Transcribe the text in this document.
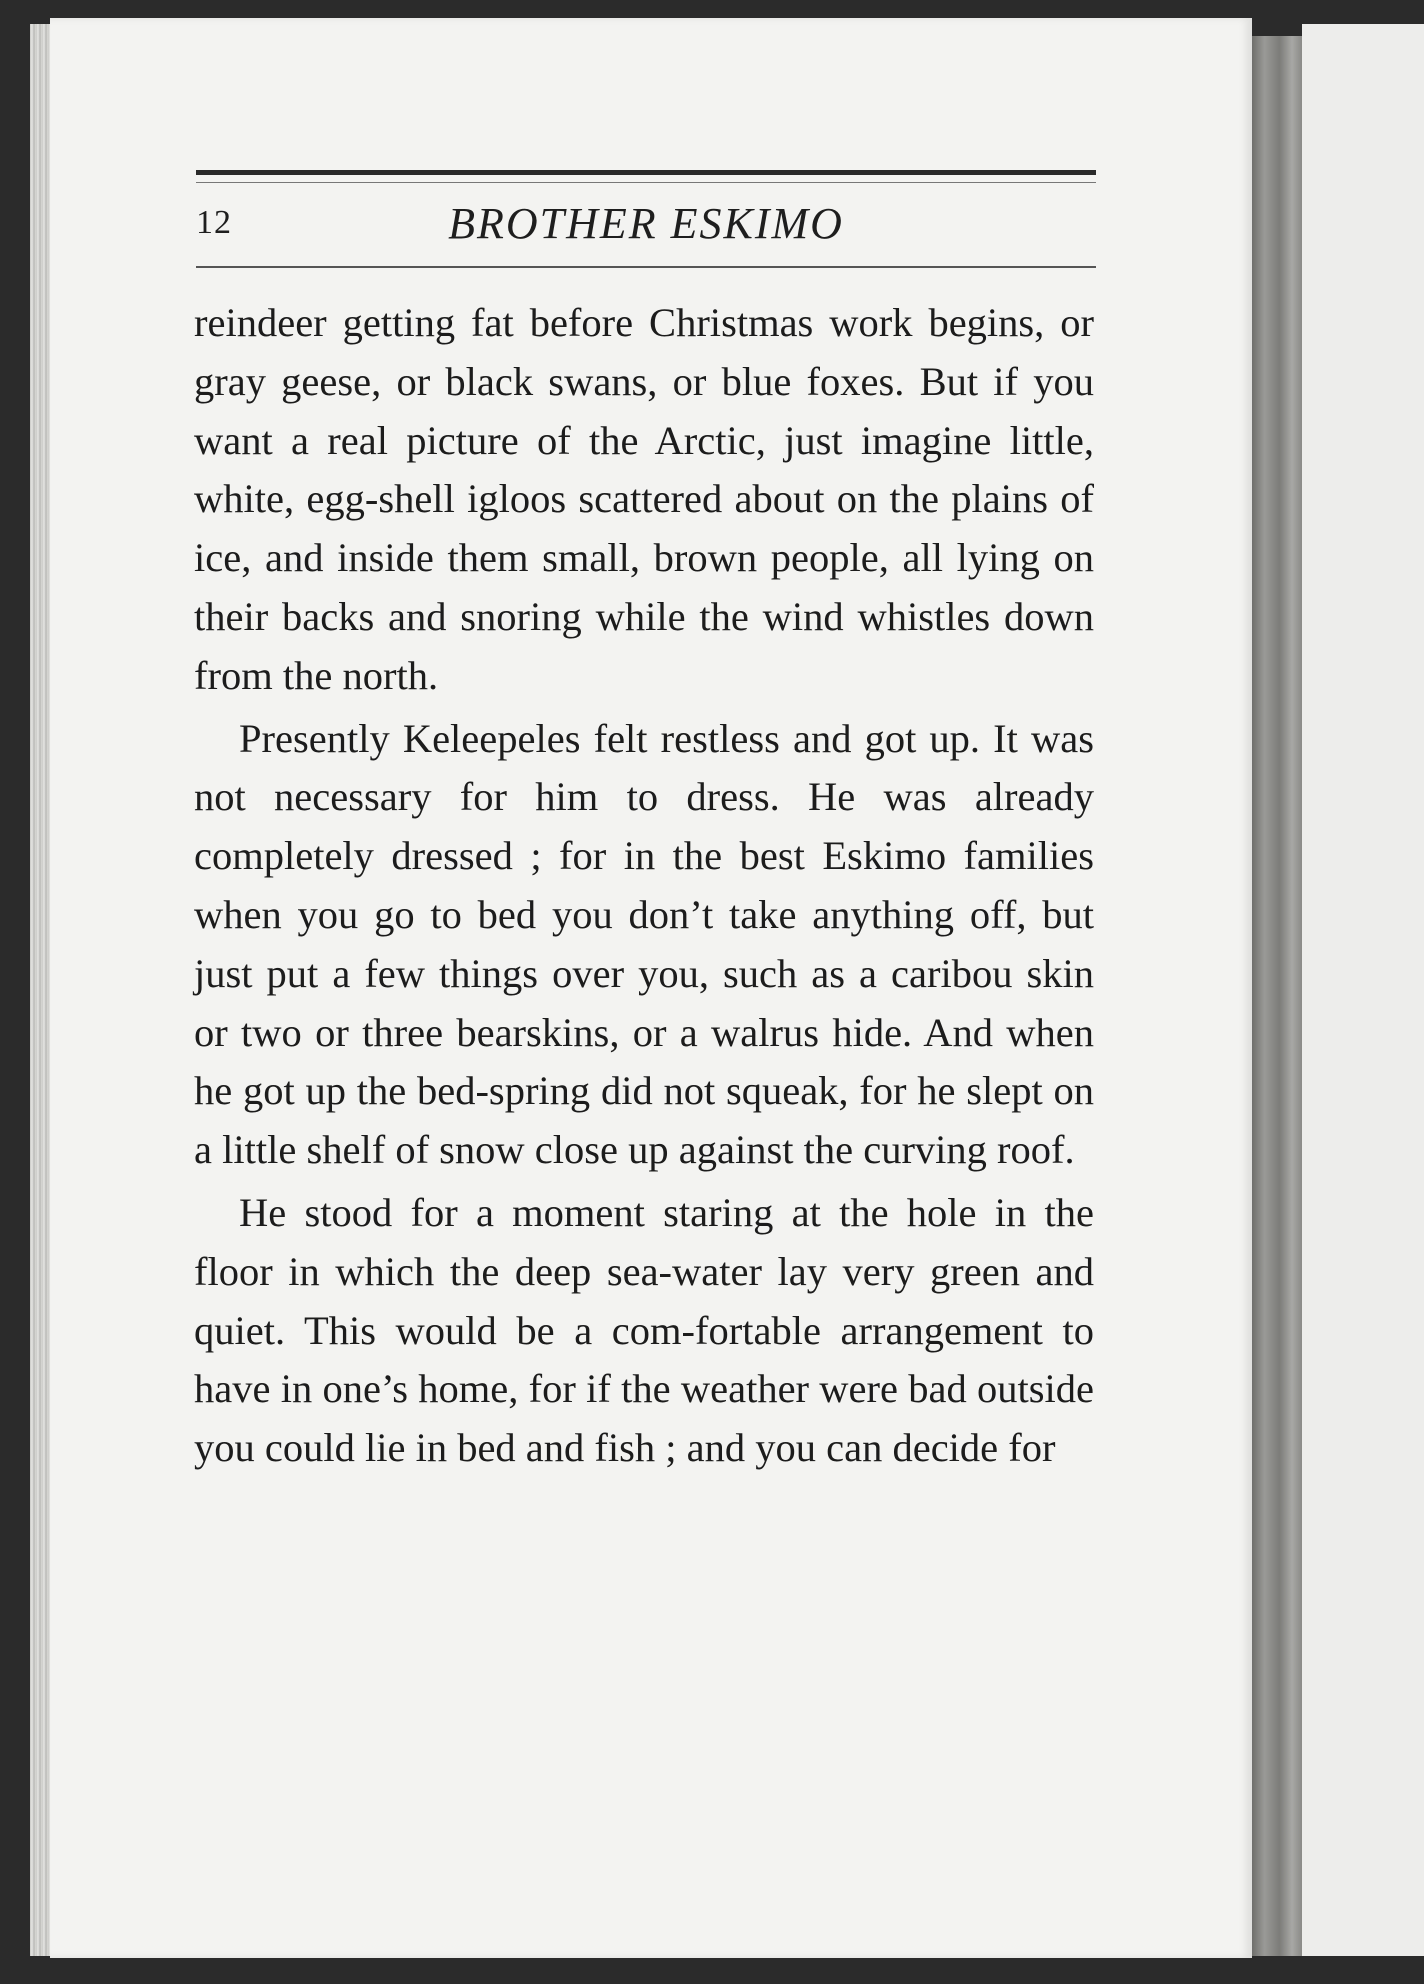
12	BROTHER ESKIMO

reindeer getting fat before Christmas work begins, or gray geese, or black swans, or blue foxes. But if you want a real picture of the Arctic, just imagine little, white, egg-shell igloos scattered about on the plains of ice, and inside them small, brown people, all lying on their backs and snoring while the wind whistles down from the north.

Presently Keleepeles felt restless and got up. It was not necessary for him to dress. He was already completely dressed ; for in the best Eskimo families when you go to bed you don’t take anything off, but just put a few things over you, such as a caribou skin or two or three bearskins, or a walrus hide. And when he got up the bed-spring did not squeak, for he slept on a little shelf of snow close up against the curving roof.

He stood for a moment staring at the hole in the floor in which the deep sea-water lay very green and quiet. This would be a com-fortable arrangement to have in one’s home, for if the weather were bad outside you could lie in bed and fish ; and you can decide for
